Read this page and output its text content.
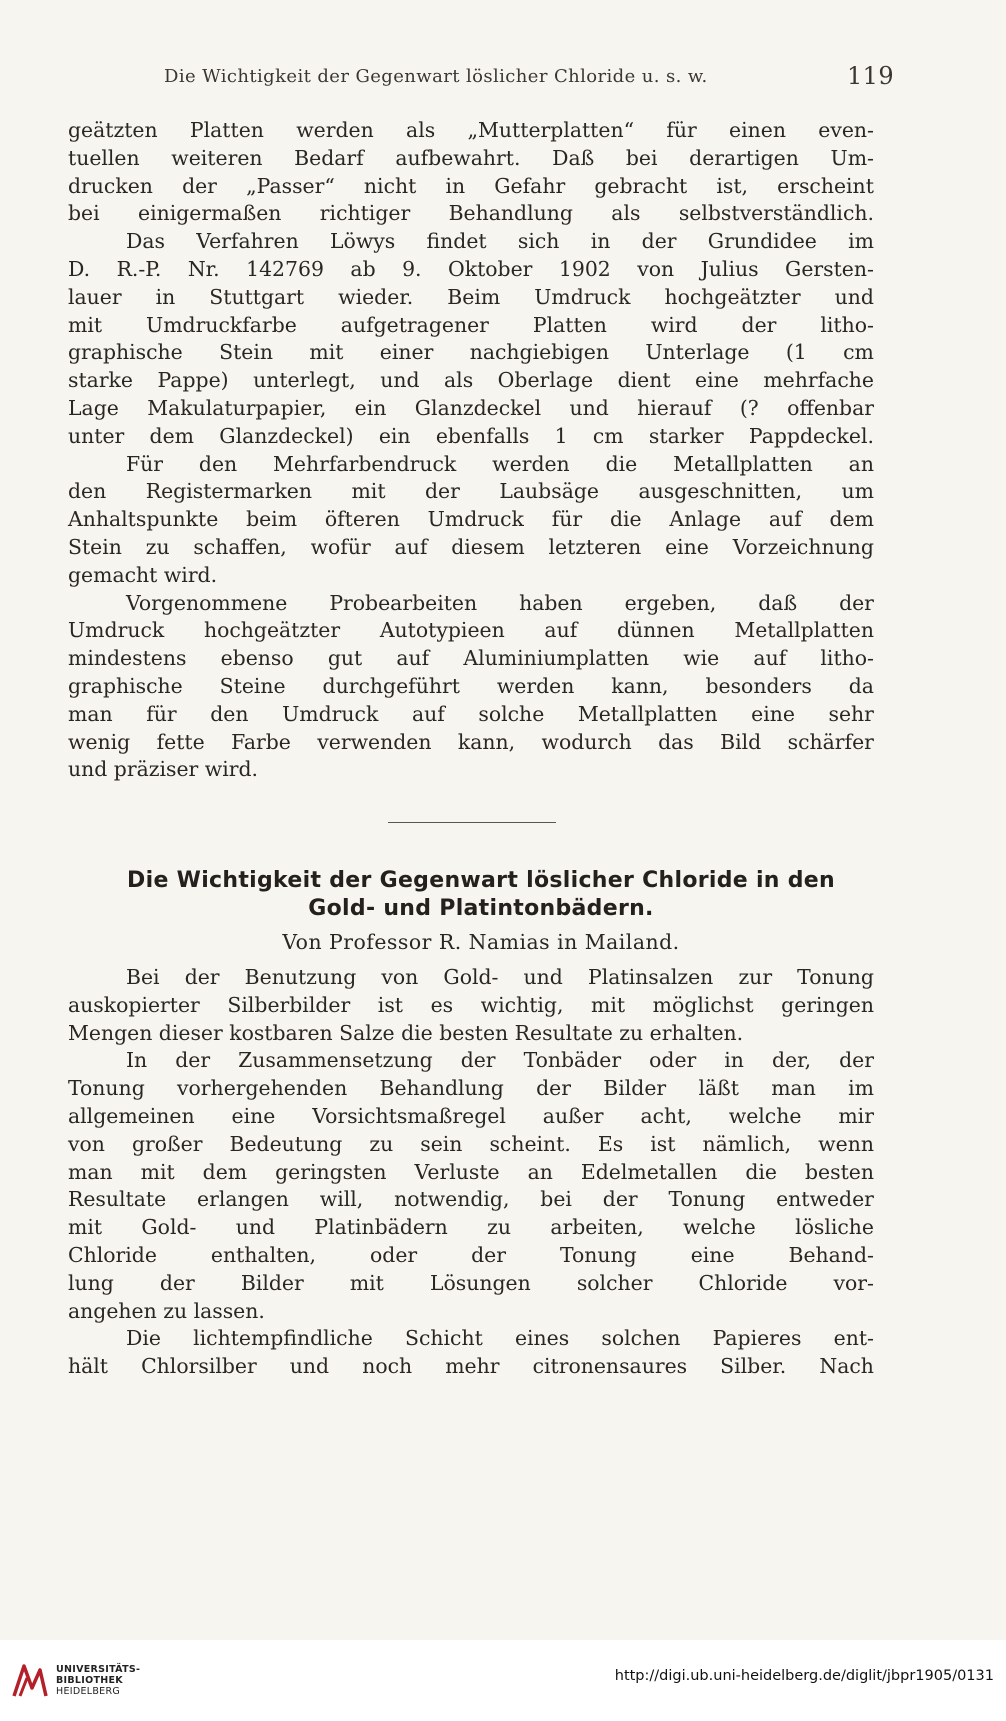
Die Wichtigkeit der Gegenwart löslicher Chloride u. s. w.	119
geätzten Platten werden als „Mutterplatten“ für einen even-
tuellen weiteren Bedarf aufbewahrt. Daß bei derartigen Um-
drucken der „Passer“ nicht in Gefahr gebracht ist, erscheint
bei einigermaßen richtiger Behandlung als selbstverständlich.
Das Verfahren Löwys findet sich in der Grundidee im
D. R.-P. Nr. 142769 ab 9. Oktober 1902 von Julius Gersten-
lauer in Stuttgart wieder. Beim Umdruck hochgeätzter und
mit Umdruckfarbe aufgetragener Platten wird der litho-
graphische Stein mit einer nachgiebigen Unterlage (1 cm
starke Pappe) unterlegt, und als Oberlage dient eine mehrfache
Lage Makulaturpapier, ein Glanzdeckel und hierauf (? offenbar
unter dem Glanzdeckel) ein ebenfalls 1 cm starker Pappdeckel.
Für den Mehrfarbendruck werden die Metallplatten an
den Registermarken mit der Laubsäge ausgeschnitten, um
Anhaltspunkte beim öfteren Umdruck für die Anlage auf dem
Stein zu schaffen, wofür auf diesem letzteren eine Vorzeichnung
gemacht wird.
Vorgenommene Probearbeiten haben ergeben, daß der
Umdruck hochgeätzter Autotypieen auf dünnen Metallplatten
mindestens ebenso gut auf Aluminiumplatten wie auf litho-
graphische Steine durchgeführt werden kann, besonders da
man für den Umdruck auf solche Metallplatten eine sehr
wenig fette Farbe verwenden kann, wodurch das Bild schärfer
und präziser wird.
Die Wichtigkeit der Gegenwart löslicher Chloride in den
Gold- und Platintonbädern.
Von Professor R. Namias in Mailand.
Bei der Benutzung von Gold- und Platinsalzen zur Tonung
auskopierter Silberbilder ist es wichtig, mit möglichst geringen
Mengen dieser kostbaren Salze die besten Resultate zu erhalten.
In der Zusammensetzung der Tonbäder oder in der, der
Tonung vorhergehenden Behandlung der Bilder läßt man im
allgemeinen eine Vorsichtsmaßregel außer acht, welche mir
von großer Bedeutung zu sein scheint. Es ist nämlich, wenn
man mit dem geringsten Verluste an Edelmetallen die besten
Resultate erlangen will, notwendig, bei der Tonung entweder
mit Gold- und Platinbädern zu arbeiten, welche lösliche
Chloride	enthalten,	oder	der	Tonung	eine	Behand-
lung der Bilder mit Lösungen solcher Chloride vor-
angehen zu lassen.
Die lichtempfindliche Schicht eines solchen Papieres ent-
hält Chlorsilber und noch mehr citronensaures Silber. Nach
UNIVERSITÄTS-
BIBLIOTHEK
HEIDELBERG
http://digi.ub.uni-heidelberg.de/diglit/jbpr1905/0131
